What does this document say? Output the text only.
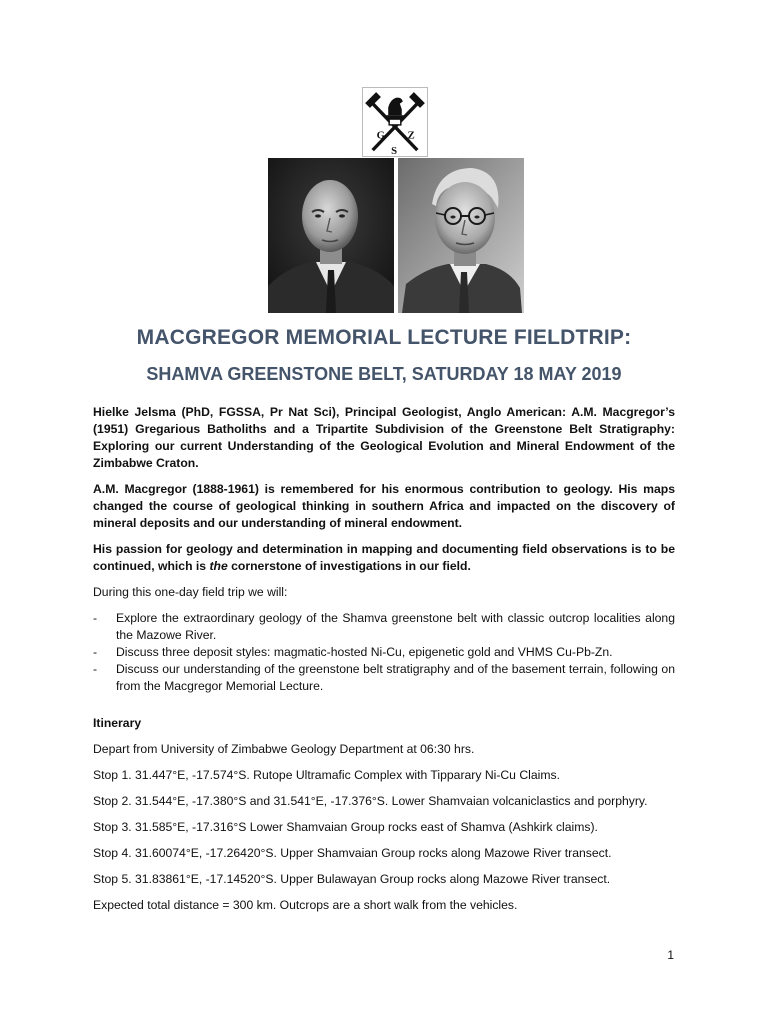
G Z
S
MACGREGOR MEMORIAL LECTURE FIELDTRIP:
SHAMVA GREENSTONE BELT, SATURDAY 18 MAY 2019

Hielke Jelsma (PhD, FGSSA, Pr Nat Sci), Principal Geologist, Anglo American: A.M. Macgregor’s (1951) Gregarious Batholiths and a Tripartite Subdivision of the Greenstone Belt Stratigraphy: Exploring our current Understanding of the Geological Evolution and Mineral Endowment of the Zimbabwe Craton.

A.M. Macgregor (1888-1961) is remembered for his enormous contribution to geology. His maps changed the course of geological thinking in southern Africa and impacted on the discovery of mineral deposits and our understanding of mineral endowment.

His passion for geology and determination in mapping and documenting field observations is to be continued, which is the cornerstone of investigations in our field.

During this one-day field trip we will:

- Explore the extraordinary geology of the Shamva greenstone belt with classic outcrop localities along the Mazowe River.
- Discuss three deposit styles: magmatic-hosted Ni-Cu, epigenetic gold and VHMS Cu-Pb-Zn.
- Discuss our understanding of the greenstone belt stratigraphy and of the basement terrain, following on from the Macgregor Memorial Lecture.
Itinerary

Depart from University of Zimbabwe Geology Department at 06:30 hrs.

Stop 1. 31.447°E, -17.574°S. Rutope Ultramafic Complex with Tipparary Ni-Cu Claims.

Stop 2. 31.544°E, -17.380°S and 31.541°E, -17.376°S. Lower Shamvaian volcaniclastics and porphyry.

Stop 3. 31.585°E, -17.316°S Lower Shamvaian Group rocks east of Shamva (Ashkirk claims).

Stop 4. 31.60074°E, -17.26420°S. Upper Shamvaian Group rocks along Mazowe River transect.

Stop 5. 31.83861°E, -17.14520°S. Upper Bulawayan Group rocks along Mazowe River transect.

Expected total distance = 300 km. Outcrops are a short walk from the vehicles.

1
